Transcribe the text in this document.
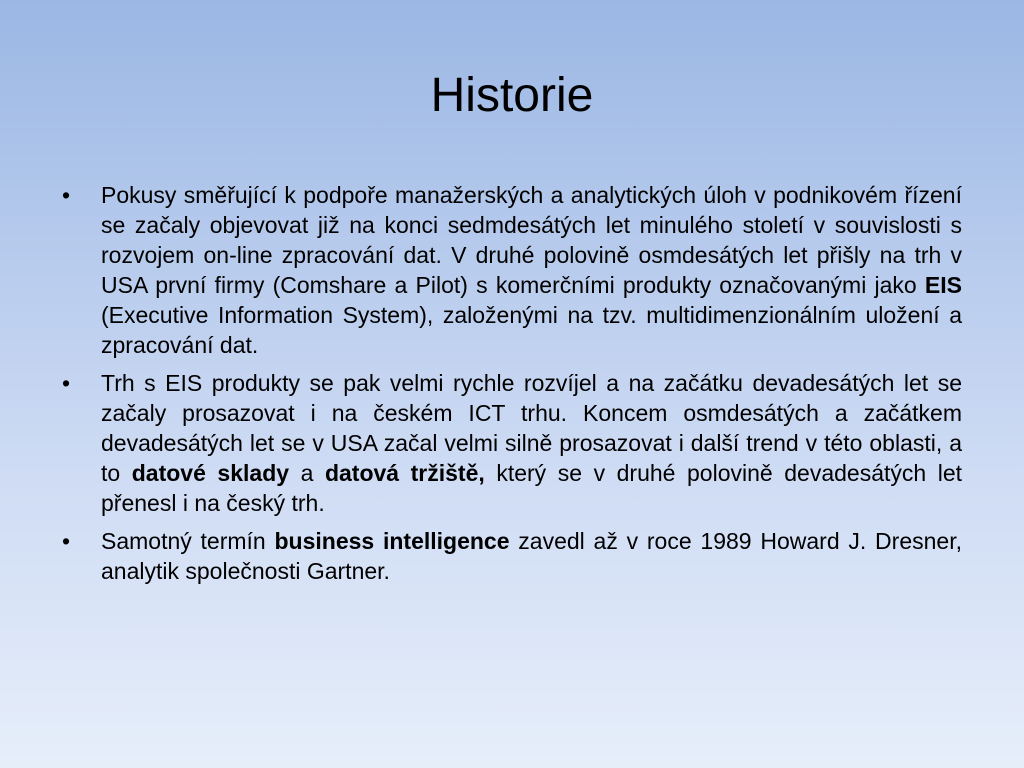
Historie
• Pokusy směřující k podpoře manažerských a analytických úloh v podnikovém řízení se začaly objevovat již na konci sedmdesátých let minulého století v souvislosti s rozvojem on-line zpracování dat. V druhé polovině osmdesátých let přišly na trh v USA první firmy (Comshare a Pilot) s komerčními produkty označovanými jako EIS (Executive Information System), založenými na tzv. multidimenzionálním uložení a zpracování dat.
• Trh s EIS produkty se pak velmi rychle rozvíjel a na začátku devadesátých let se začaly prosazovat i na českém ICT trhu. Koncem osmdesátých a začátkem devadesátých let se v USA začal velmi silně prosazovat i další trend v této oblasti, a to datové sklady a datová tržiště, který se v druhé polovině devadesátých let přenesl i na český trh.
• Samotný termín business intelligence zavedl až v roce 1989 Howard J. Dresner, analytik společnosti Gartner.
